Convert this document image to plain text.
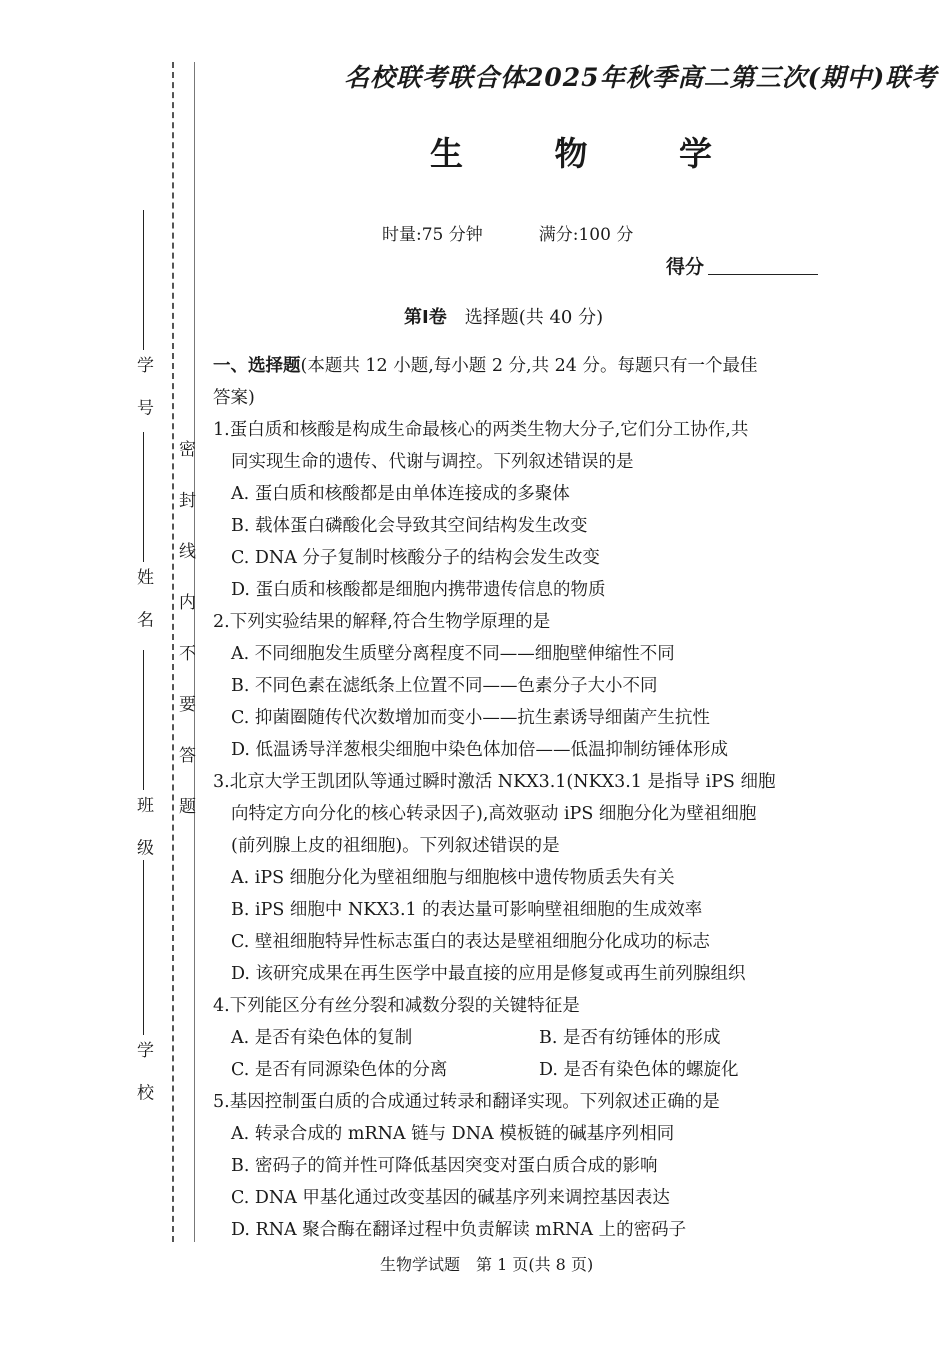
学 号
姓 名
班 级
学 校
密封线内不要答题
名校联考联合体2025年秋季高二第三次(期中)联考
生 物 学
时量:75 分钟	满分:100 分
得分
第Ⅰ卷 选择题(共 40 分)
一、选择题(本题共 12 小题,每小题 2 分,共 24 分。每题只有一个最佳
答案)
1.蛋白质和核酸是构成生命最核心的两类生物大分子,它们分工协作,共
同实现生命的遗传、代谢与调控。下列叙述错误的是
A. 蛋白质和核酸都是由单体连接成的多聚体
B. 载体蛋白磷酸化会导致其空间结构发生改变
C. DNA 分子复制时核酸分子的结构会发生改变
D. 蛋白质和核酸都是细胞内携带遗传信息的物质
2.下列实验结果的解释,符合生物学原理的是
A. 不同细胞发生质壁分离程度不同——细胞壁伸缩性不同
B. 不同色素在滤纸条上位置不同——色素分子大小不同
C. 抑菌圈随传代次数增加而变小——抗生素诱导细菌产生抗性
D. 低温诱导洋葱根尖细胞中染色体加倍——低温抑制纺锤体形成
3.北京大学王凯团队等通过瞬时激活 NKX3.1(NKX3.1 是指导 iPS 细胞
向特定方向分化的核心转录因子),高效驱动 iPS 细胞分化为壁祖细胞
(前列腺上皮的祖细胞)。下列叙述错误的是
A. iPS 细胞分化为壁祖细胞与细胞核中遗传物质丢失有关
B. iPS 细胞中 NKX3.1 的表达量可影响壁祖细胞的生成效率
C. 壁祖细胞特异性标志蛋白的表达是壁祖细胞分化成功的标志
D. 该研究成果在再生医学中最直接的应用是修复或再生前列腺组织
4.下列能区分有丝分裂和减数分裂的关键特征是
A. 是否有染色体的复制	B. 是否有纺锤体的形成
C. 是否有同源染色体的分离	D. 是否有染色体的螺旋化
5.基因控制蛋白质的合成通过转录和翻译实现。下列叙述正确的是
A. 转录合成的 mRNA 链与 DNA 模板链的碱基序列相同
B. 密码子的简并性可降低基因突变对蛋白质合成的影响
C. DNA 甲基化通过改变基因的碱基序列来调控基因表达
D. RNA 聚合酶在翻译过程中负责解读 mRNA 上的密码子
生物学试题　第 1 页(共 8 页)
